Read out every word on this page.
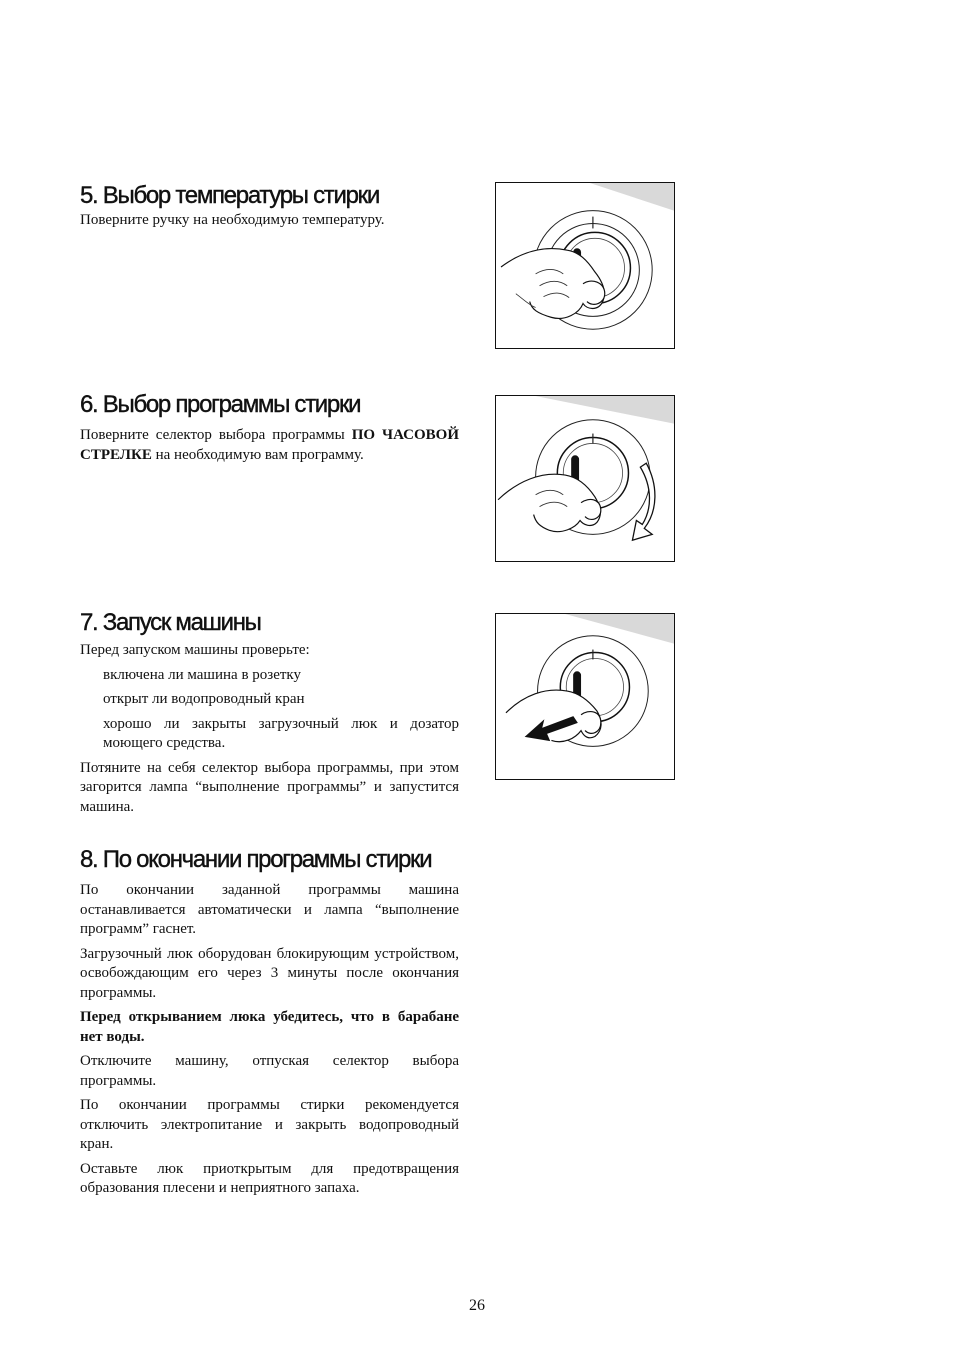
5. Выбор температуры стирки

Поверните ручку на необходимую температуру.

6. Выбор программы стирки

Поверните селектор выбора программы ПО ЧАСОВОЙ СТРЕЛКЕ на необходимую вам программу.

7. Запуск машины

Перед запуском машины проверьте:

включена ли машина в розетку

открыт ли водопроводный кран

хорошо ли закрыты загрузочный люк и дозатор моющего средства.

Потяните на себя селектор выбора программы, при этом загорится лампа “выполнение программы” и запустится машина.

8. По окончании программы стирки

По окончании заданной программы машина останавливается автоматически и лампа “выполнение программ” гаснет.

Загрузочный люк оборудован блокирующим устройством, освобождающим его через 3 минуты после окончания программы.

Перед открыванием люка убедитесь, что в барабане нет воды.

Отключите машину, отпуская селектор выбора программы.

По окончании программы стирки рекомендуется отключить электропитание и закрыть водопроводный кран.

Оставьте люк приоткрытым для предотвращения образования плесени и неприятного запаха.

26
